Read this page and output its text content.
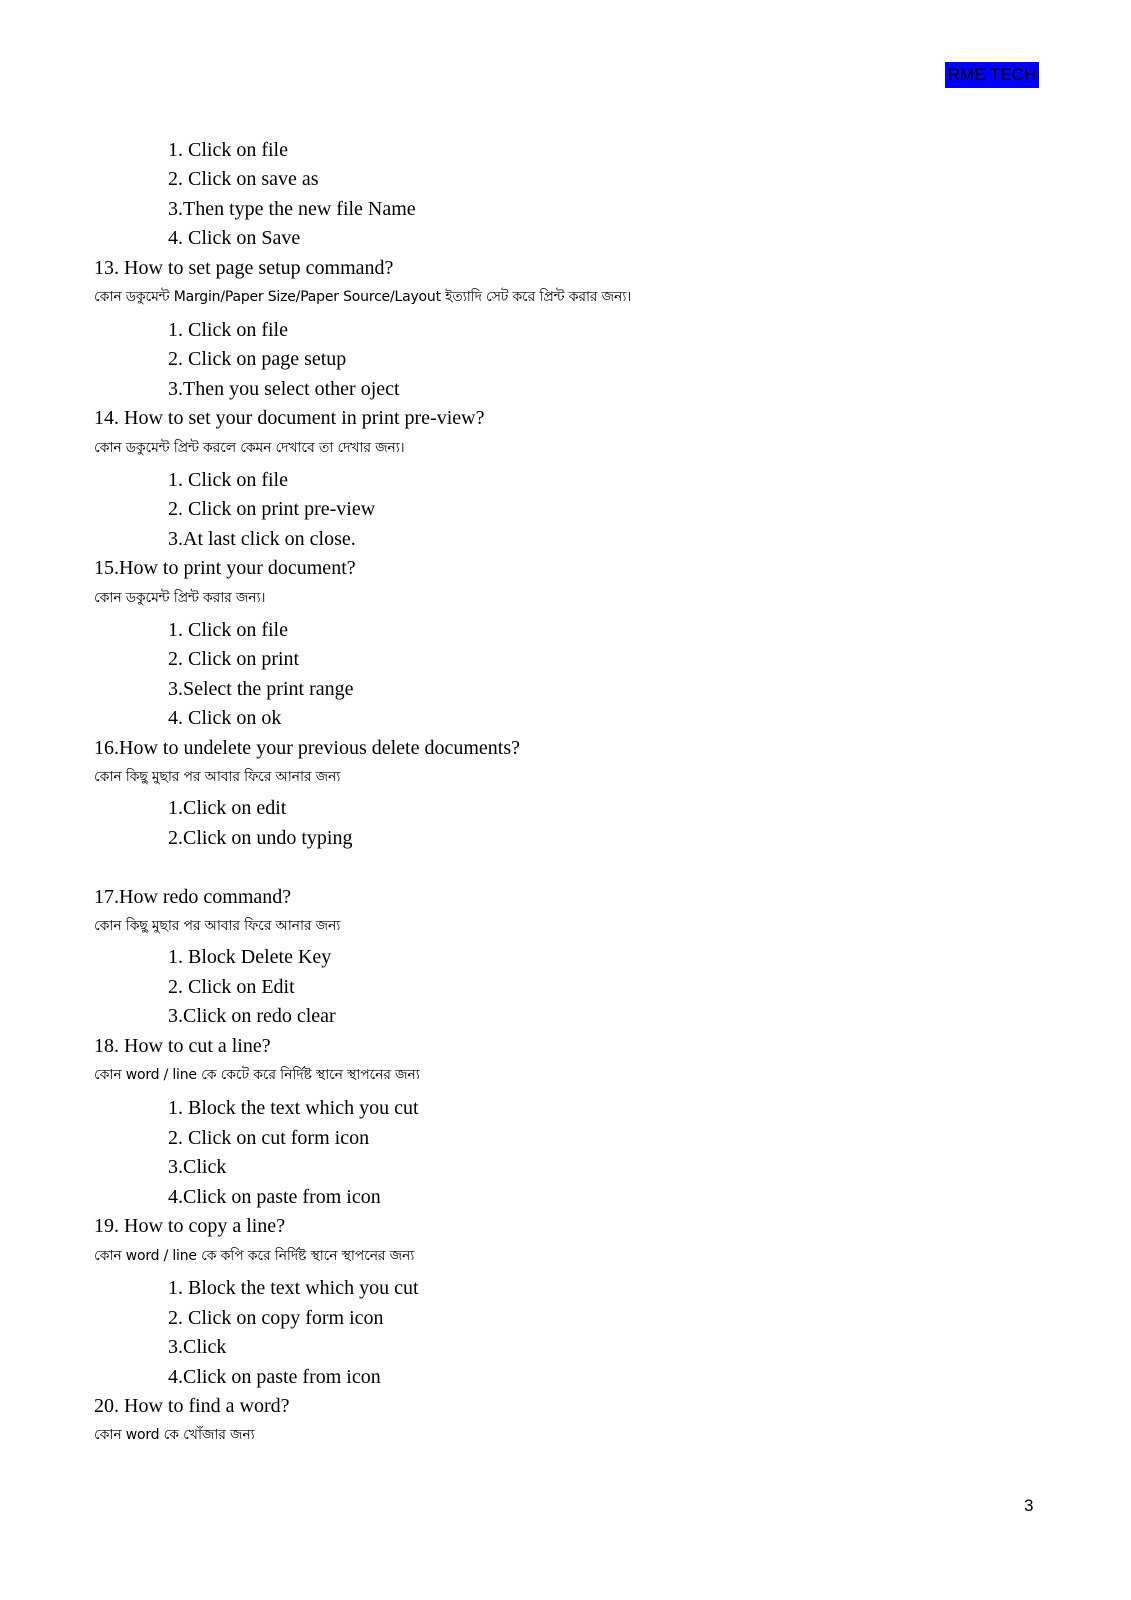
RME TECH
1. Click on file
2. Click on save as
3.Then type the new file Name
4. Click on Save
13. How to set page setup command?
কোন ডকুমেন্ট Margin/Paper Size/Paper Source/Layout ইত্যাদি সেট করে প্রিন্ট করার জন্য।
1. Click on file
2. Click on page setup
3.Then you select other oject
14. How to set your document in print pre-view?
কোন ডকুমেন্ট প্রিন্ট করলে কেমন দেখাবে তা দেখার জন্য।
1. Click on file
2. Click on print pre-view
3.At last click on close.
15.How to print your document?
কোন ডকুমেন্ট প্রিন্ট করার জন্য।
1. Click on file
2. Click on print
3.Select the print range
4. Click on ok
16.How to undelete your previous delete documents?
কোন কিছু মুছার পর আবার ফিরে আনার জন্য
1.Click on edit
2.Click on undo typing
17.How redo command?
কোন কিছু মুছার পর আবার ফিরে আনার জন্য
1. Block Delete Key
2. Click on Edit
3.Click on redo clear
18. How to cut a line?
কোন word / line কে কেটে করে নির্দিষ্ট স্থানে স্থাপনের জন্য
1. Block the text which you cut
2. Click on cut form icon
3.Click
4.Click on paste from icon
19. How to copy a line?
কোন word / line কে কপি করে নির্দিষ্ট স্থানে স্থাপনের জন্য
1. Block the text which you cut
2. Click on copy form icon
3.Click
4.Click on paste from icon
20. How to find a word?
কোন word কে খোঁজার জন্য
3
